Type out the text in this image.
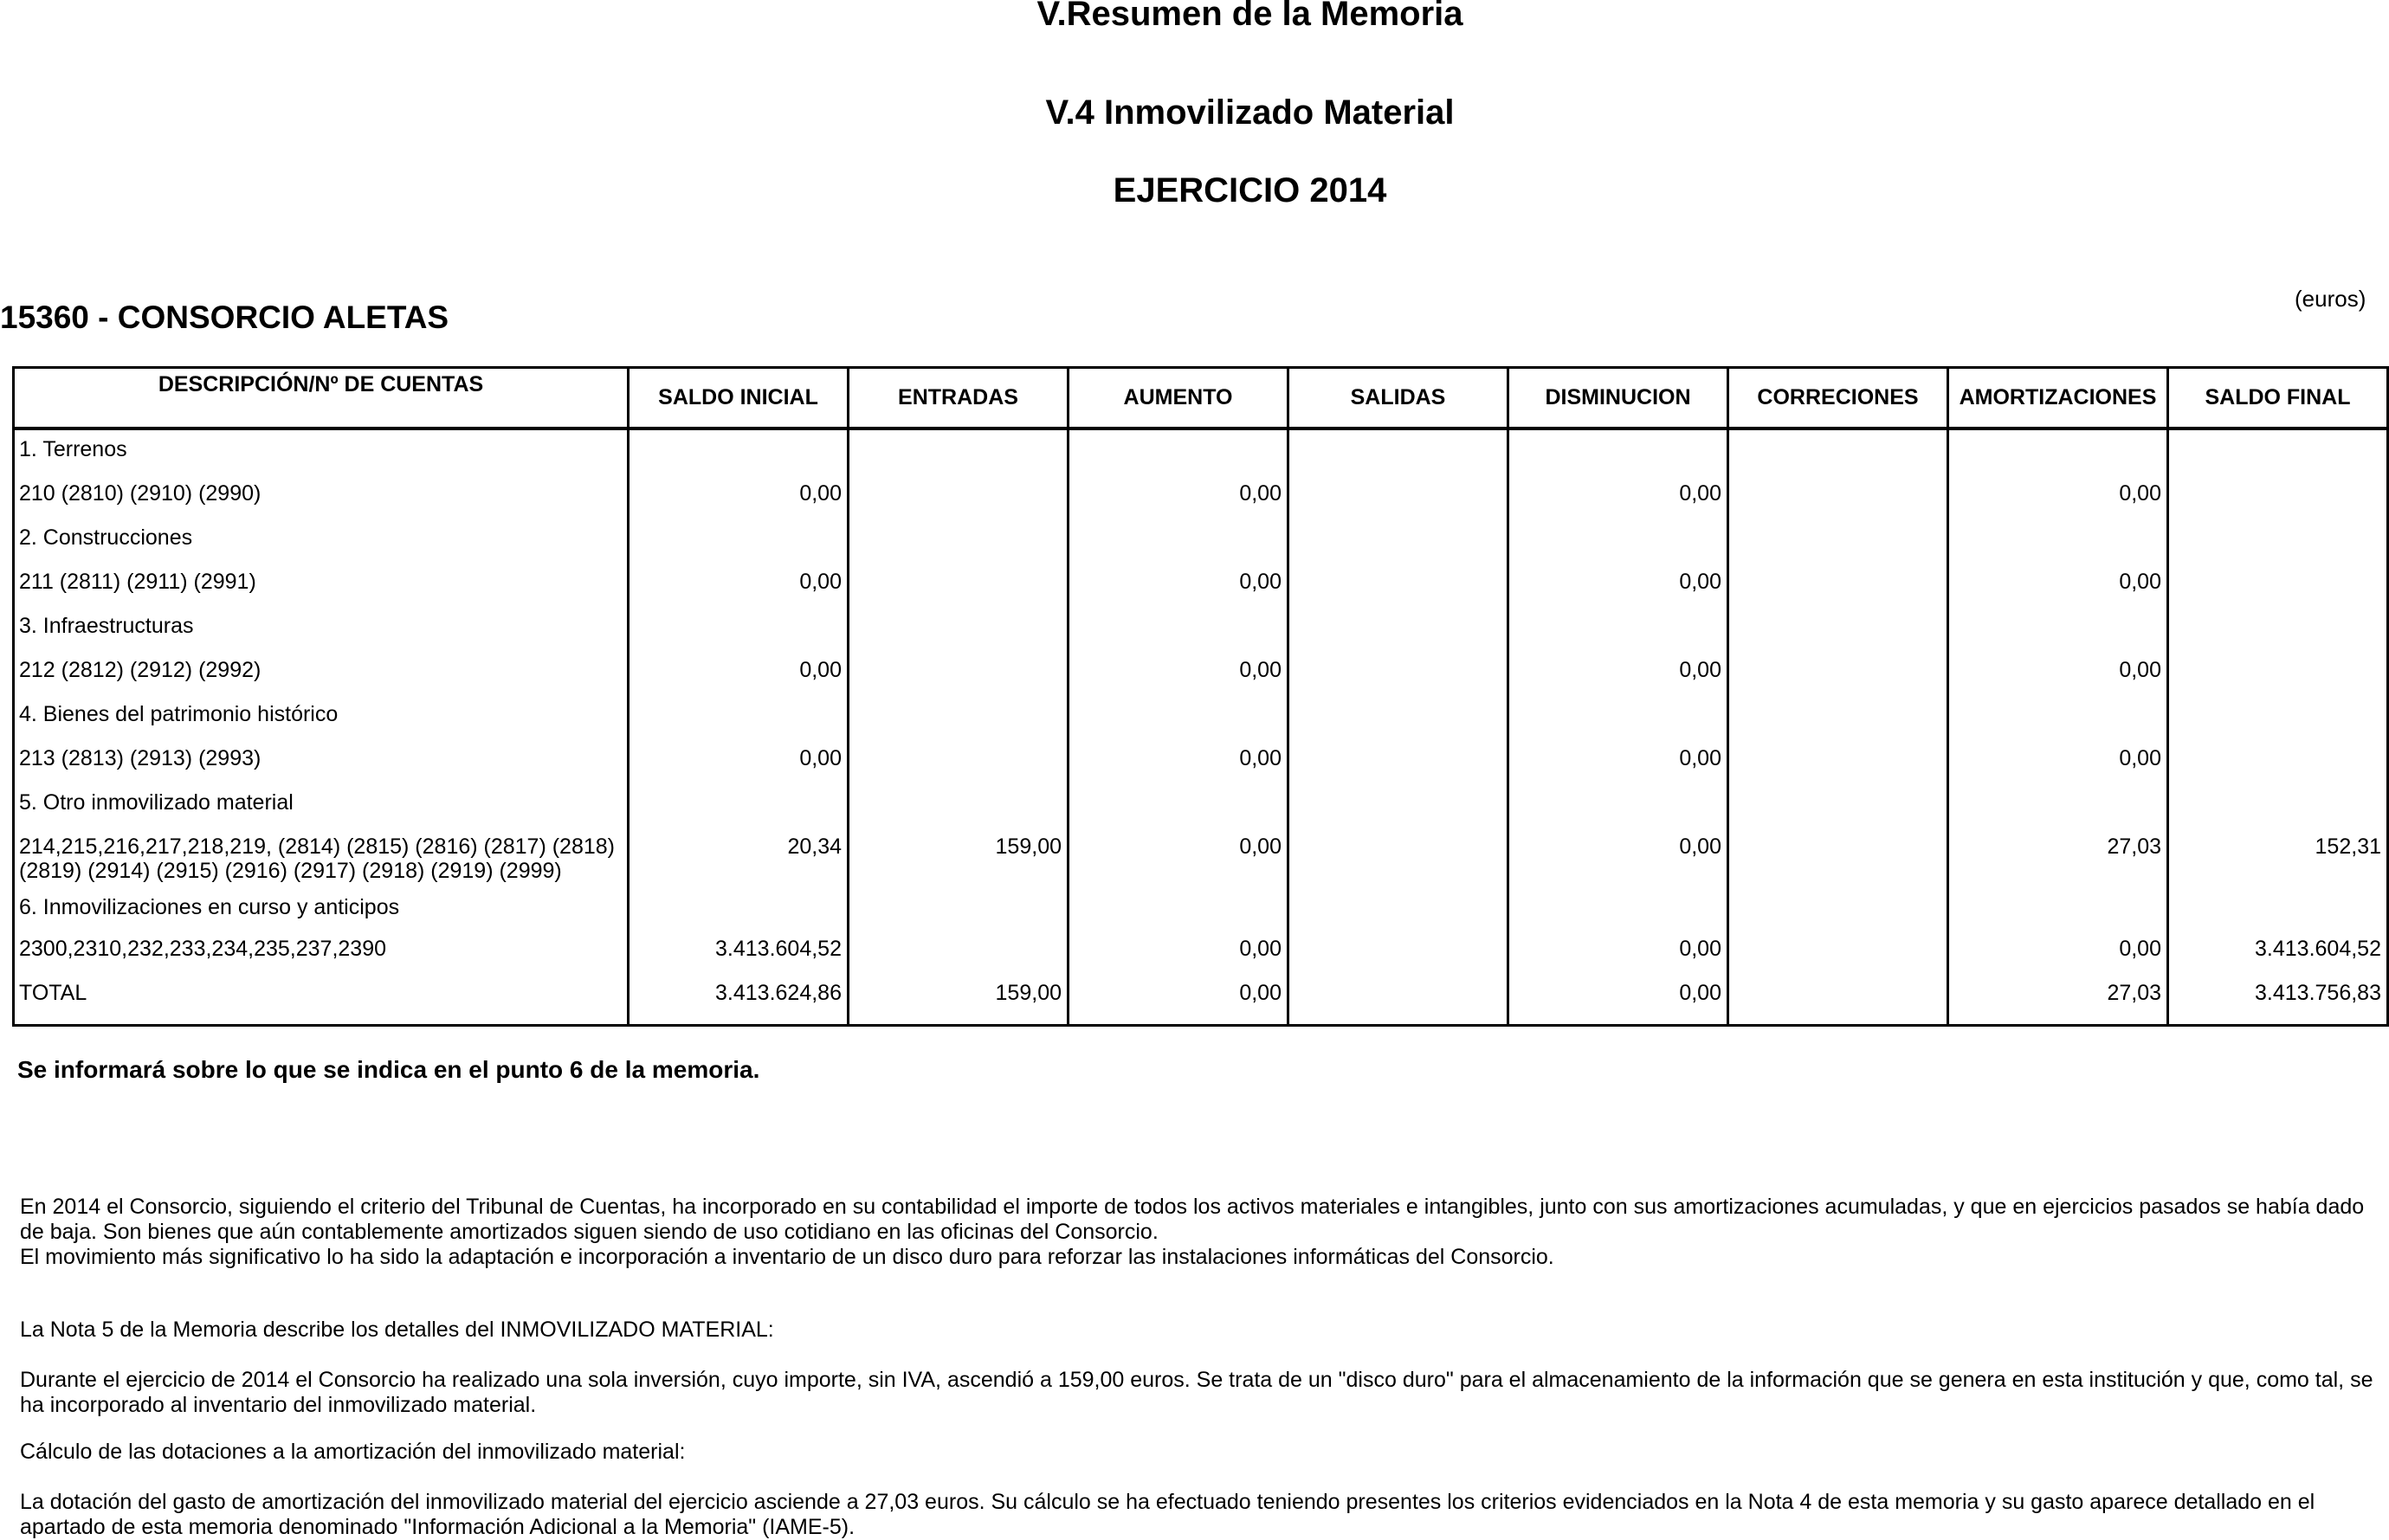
V.Resumen de la Memoria
V.4 Inmovilizado Material
EJERCICIO 2014
15360 - CONSORCIO ALETAS
(euros)
DESCRIPCIÓN/Nº DE CUENTAS	SALDO INICIAL	ENTRADAS	AUMENTO	SALIDAS	DISMINUCION	CORRECIONES	AMORTIZACIONES	SALDO FINAL
1. Terrenos								
210 (2810) (2910) (2990)	0,00		0,00		0,00		0,00	
2. Construcciones								
211 (2811) (2911) (2991)	0,00		0,00		0,00		0,00	
3. Infraestructuras								
212 (2812) (2912) (2992)	0,00		0,00		0,00		0,00	
4. Bienes del patrimonio histórico								
213 (2813) (2913) (2993)	0,00		0,00		0,00		0,00	
5. Otro inmovilizado material								
214,215,216,217,218,219, (2814) (2815) (2816) (2817) (2818) (2819) (2914) (2915) (2916) (2917) (2918) (2919) (2999)	20,34	159,00	0,00		0,00		27,03	152,31
6. Inmovilizaciones en curso y anticipos								
2300,2310,232,233,234,235,237,2390	3.413.604,52		0,00		0,00		0,00	3.413.604,52
TOTAL	3.413.624,86	159,00	0,00		0,00		27,03	3.413.756,83
Se informará sobre lo que se indica en el punto 6 de la memoria.
En 2014 el Consorcio, siguiendo el criterio del Tribunal de Cuentas, ha incorporado en su contabilidad el importe de todos los activos materiales e intangibles, junto con sus amortizaciones acumuladas, y que en ejercicios pasados se había dado de baja. Son bienes que aún contablemente amortizados siguen siendo de uso cotidiano en las oficinas del Consorcio.
El movimiento más significativo lo ha sido la adaptación e incorporación a inventario de un disco duro para reforzar las instalaciones informáticas del Consorcio.
La Nota 5 de la Memoria describe los detalles del INMOVILIZADO MATERIAL:
Durante el ejercicio de 2014 el Consorcio ha realizado una sola inversión, cuyo importe, sin IVA, ascendió a 159,00 euros. Se trata de un "disco duro" para el almacenamiento de la información que se genera en esta institución y que, como tal, se ha incorporado al inventario del inmovilizado material.
Cálculo de las dotaciones a la amortización del inmovilizado material:
La dotación del gasto de amortización del inmovilizado material del ejercicio asciende a 27,03 euros. Su cálculo se ha efectuado teniendo presentes los criterios evidenciados en la Nota 4 de esta memoria y su gasto aparece detallado en el apartado de esta memoria denominado "Información Adicional a la Memoria" (IAME-5).
